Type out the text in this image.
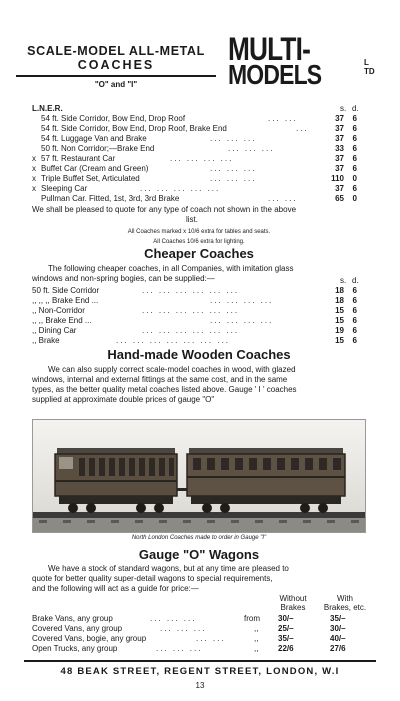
SCALE-MODEL ALL-METAL
COACHES
"O" and "I"
MULTI-
MODELS	L TD
L.N.E.R.	s. d.
54 ft. Side Corridor, Bow End, Drop Roof	... ...	37	6
54 ft. Side Corridor, Bow End, Drop Roof, Brake End	...	37	6
54 ft. Luggage Van and Brake	... ... ...	37	6
50 ft. Non Corridor;—Brake End	... ... ...	33	6
x 57 ft. Restaurant Car	... ... ... ...	37	6
x Buffet Car (Cream and Green)	... ... ...	37	6
x Triple Buffet Set, Articulated	... ... ...	110	0
x Sleeping Car	... ... ... ... ...	37	6
Pullman Car. Fitted, 1st, 3rd, 3rd Brake	... ...	65	0
We shall be pleased to quote for any type of coach not shown in the above
list.
All Coaches marked x 10/6 extra for tables and seats.
All Coaches 10/6 extra for lighting.
Cheaper Coaches
The following cheaper coaches, in all Companies, with imitation glass
windows and non-spring bogies, can be supplied:—	s. d.
50 ft. Side Corridor	... ... ... ... ... ...	18	6
,, ,, ,, Brake End ...	... ... ... ...	18	6
,, Non-Corridor	... ... ... ... ... ...	15	6
,, ,, Brake End ...	... ... ... ...	15	6
,, Dining Car	... ... ... ... ... ...	19	6
,, Brake	... ... ... ... ... ... ...	15	6
Hand-made Wooden Coaches
We can also supply correct scale-model coaches in wood, with glazed
windows, internal and external fittings at the same cost, and in the same
types, as the better quality metal coaches listed above. Gauge ' I ' coaches
supplied at approximate double prices of gauge "O"
North London Coaches made to order in Gauge "I"
Gauge "O" Wagons
We have a stock of standard wagons, but at any time are pleased to
quote for better quality super-detail wagons to special requirements,
and the following will act as a guide for price:—
Without
Brakes
With
Brakes, etc.
Brake Vans, any group	... ... ...	from 30/–	35/–
Covered Vans, any group	... ... ...	,, 25/–	30/–
Covered Vans, bogie, any group	... ...	,, 35/–	40/–
Open Trucks, any group	... ... ...	,, 22/6	27/6
48 BEAK STREET, REGENT STREET, LONDON, W.I
13
